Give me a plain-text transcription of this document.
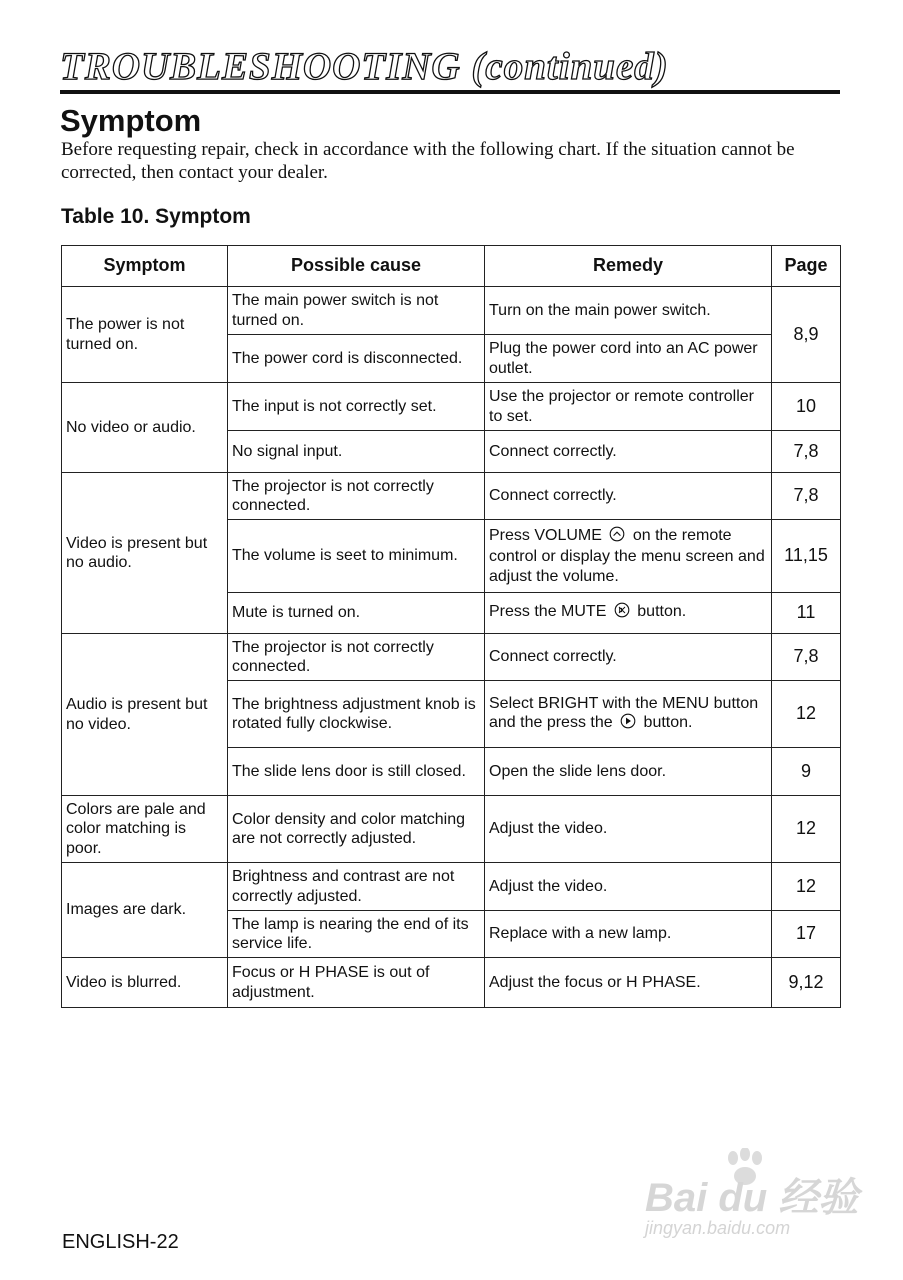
TROUBLESHOOTING (continued)
Symptom
Before requesting repair, check in accordance with the following chart. If the situation cannot be corrected, then contact your dealer.
Table 10. Symptom
Symptom	Possible cause	Remedy	Page
The power is not turned on.	The main power switch is not turned on.	Turn on the main power switch.	8,9
	The power cord is disconnected.	Plug the power cord into an AC power outlet.	
No video or audio.	The input is not correctly set.	Use the projector or remote controller to set.	10
	No signal input.	Connect correctly.	7,8
Video is present but no audio.	The projector is not correctly connected.	Connect correctly.	7,8
	The volume is seet to minimum.	Press VOLUME on the remote control or display the menu screen and adjust the volume.	11,15
	Mute is turned on.	Press the MUTE button.	11
Audio is present but no video.	The projector is not correctly connected.	Connect correctly.	7,8
	The brightness adjustment knob is rotated fully clockwise.	Select BRIGHT with the MENU button and the press the button.	12
	The slide lens door is still closed.	Open the slide lens door.	9
Colors are pale and color matching is poor.	Color density and color matching are not correctly adjusted.	Adjust the video.	12
Images are dark.	Brightness and contrast are not correctly adjusted.	Adjust the video.	12
	The lamp is nearing the end of its service life.	Replace with a new lamp.	17
Video is blurred.	Focus or H PHASE is out of adjustment.	Adjust the focus or H PHASE.	9,12
Bai du 经验
jingyan.baidu.com
ENGLISH-22
